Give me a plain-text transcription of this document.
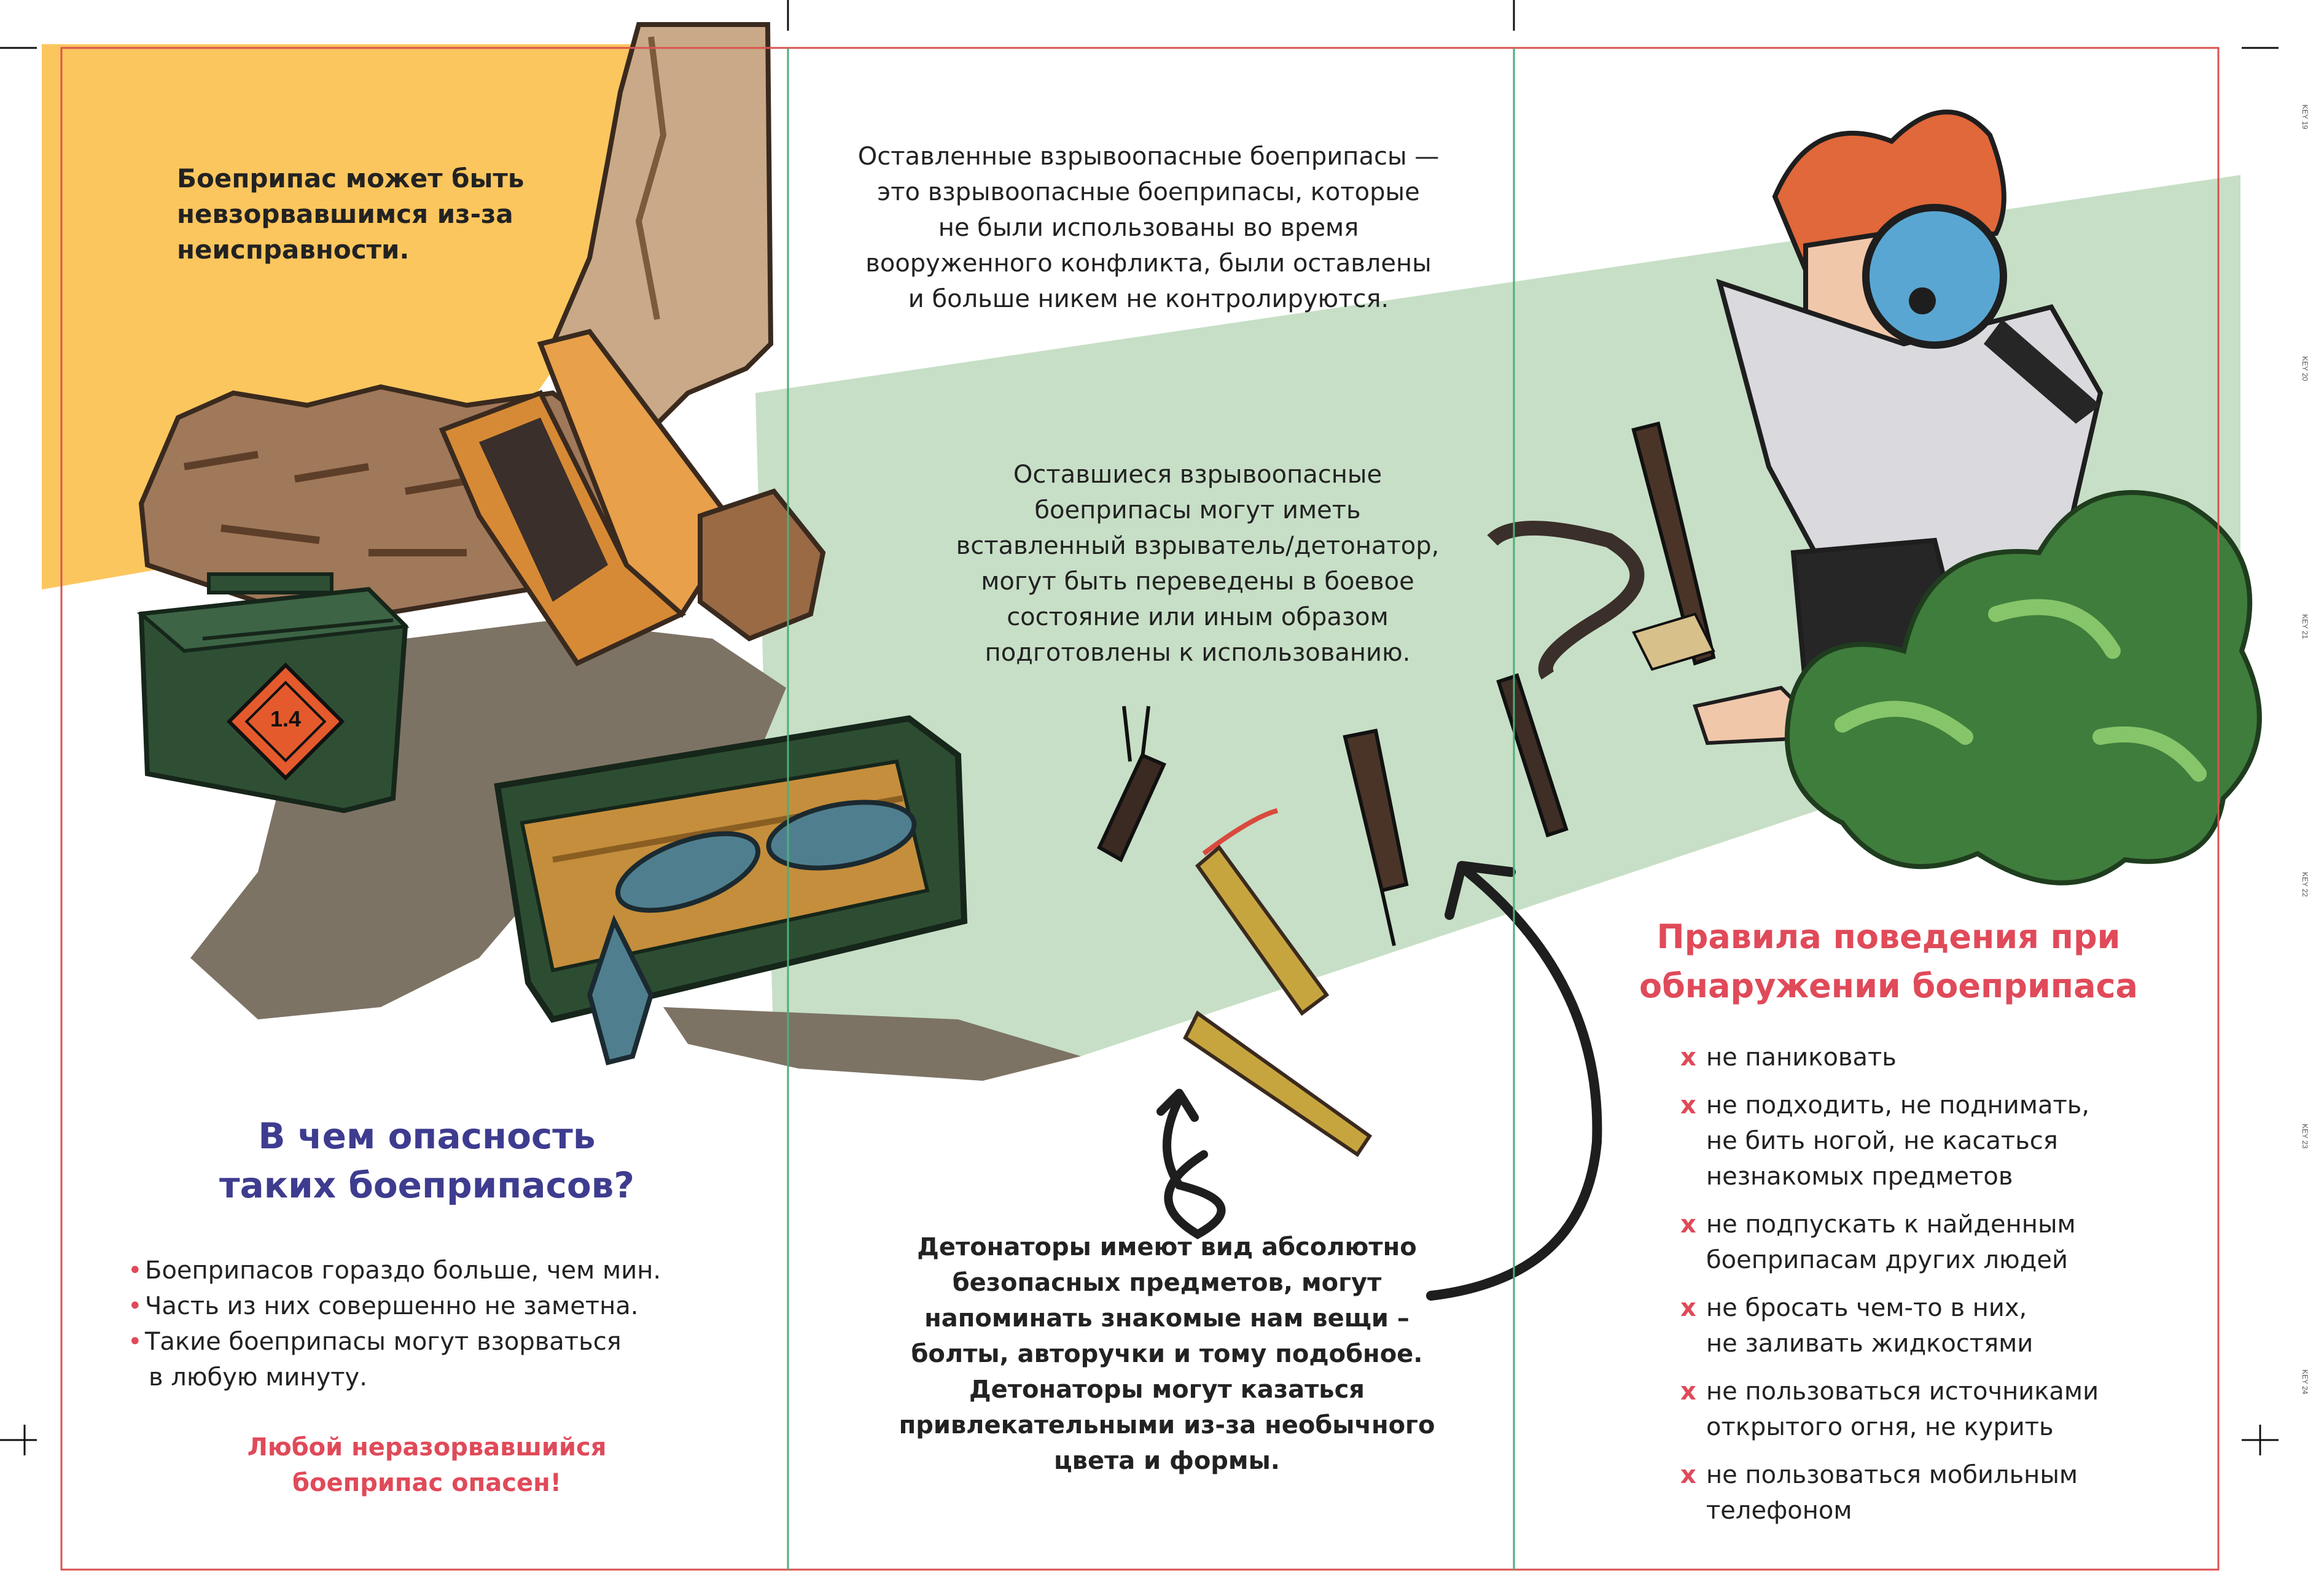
1.4
Боеприпас может быть
невзорвавшимся из-за
неисправности.
В чем опасность
таких боеприпасов?
• Боеприпасов гораздо больше, чем мин.
• Часть из них совершенно не заметна.
• Такие боеприпасы могут взорваться
в любую минуту.
Любой неразорвавшийся
боеприпас опасен!
Оставленные взрывоопасные боеприпасы —
это взрывоопасные боеприпасы, которые
не были использованы во время
вооруженного конфликта, были оставлены
и больше никем не контролируются.
Оставшиеся взрывоопасные
боеприпасы могут иметь
вставленный взрыватель/детонатор,
могут быть переведены в боевое
состояние или иным образом
подготовлены к использованию.
Детонаторы имеют вид абсолютно
безопасных предметов, могут
напоминать знакомые нам вещи –
болты, авторучки и тому подобное.
Детонаторы могут казаться
привлекательными из-за необычного
цвета и формы.
Правила поведения при
обнаружении боеприпаса
x не паниковать
x не подходить, не поднимать,
не бить ногой, не касаться
незнакомых предметов
x не подпускать к найденным
боеприпасам других людей
x не бросать чем-то в них,
не заливать жидкостями
x не пользоваться источниками
открытого огня, не курить
x не пользоваться мобильным
телефоном
KEY 19
KEY 20
KEY 21
KEY 22
KEY 23
KEY 24
